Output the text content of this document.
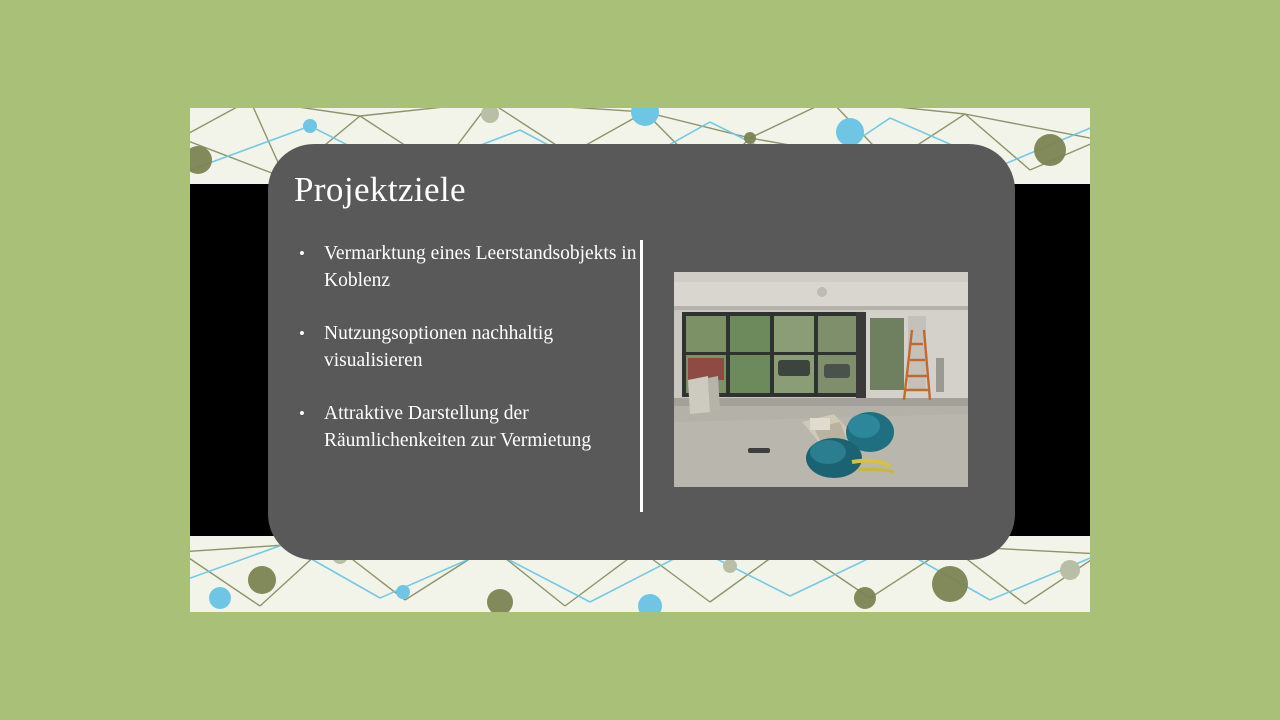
Projektziele
• Vermarktung eines Leerstandsobjekts in Koblenz
• Nutzungsoptionen nachhaltig visualisieren
• Attraktive Darstellung der Räumlichenkeiten zur Vermietung
